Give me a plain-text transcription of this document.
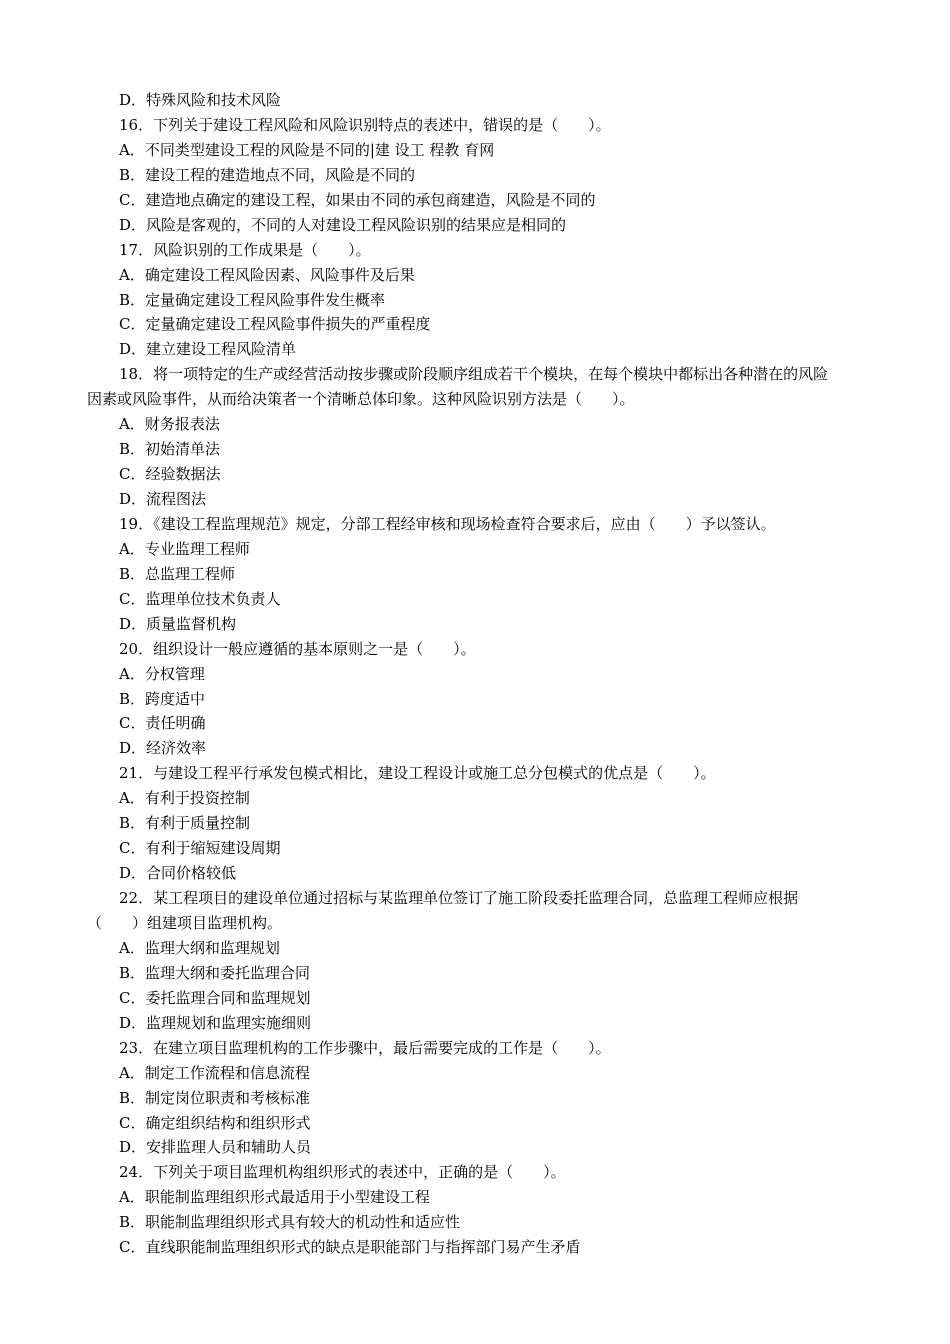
D．特殊风险和技术风险
16．下列关于建设工程风险和风险识别特点的表述中，错误的是（　　）。
A．不同类型建设工程的风险是不同的|建 设工 程教 育网
B．建设工程的建造地点不同，风险是不同的
C．建造地点确定的建设工程，如果由不同的承包商建造，风险是不同的
D．风险是客观的，不同的人对建设工程风险识别的结果应是相同的
17．风险识别的工作成果是（　　）。
A．确定建设工程风险因素、风险事件及后果
B．定量确定建设工程风险事件发生概率
C．定量确定建设工程风险事件损失的严重程度
D．建立建设工程风险清单
18．将一项特定的生产或经营活动按步骤或阶段顺序组成若干个模块，在每个模块中都标出各种潜在的风险因素或风险事件，从而给决策者一个清晰总体印象。这种风险识别方法是（　　）。
A．财务报表法
B．初始清单法
C．经验数据法
D．流程图法
19．《建设工程监理规范》规定，分部工程经审核和现场检查符合要求后，应由（　　）予以签认。
A．专业监理工程师
B．总监理工程师
C．监理单位技术负责人
D．质量监督机构
20．组织设计一般应遵循的基本原则之一是（　　）。
A．分权管理
B．跨度适中
C．责任明确
D．经济效率
21．与建设工程平行承发包模式相比，建设工程设计或施工总分包模式的优点是（　　）。
A．有利于投资控制
B．有利于质量控制
C．有利于缩短建设周期
D．合同价格较低
22．某工程项目的建设单位通过招标与某监理单位签订了施工阶段委托监理合同，总监理工程师应根据（　　）组建项目监理机构。
A．监理大纲和监理规划
B．监理大纲和委托监理合同
C．委托监理合同和监理规划
D．监理规划和监理实施细则
23．在建立项目监理机构的工作步骤中，最后需要完成的工作是（　　）。
A．制定工作流程和信息流程
B．制定岗位职责和考核标准
C．确定组织结构和组织形式
D．安排监理人员和辅助人员
24．下列关于项目监理机构组织形式的表述中，正确的是（　　）。
A．职能制监理组织形式最适用于小型建设工程
B．职能制监理组织形式具有较大的机动性和适应性
C．直线职能制监理组织形式的缺点是职能部门与指挥部门易产生矛盾
